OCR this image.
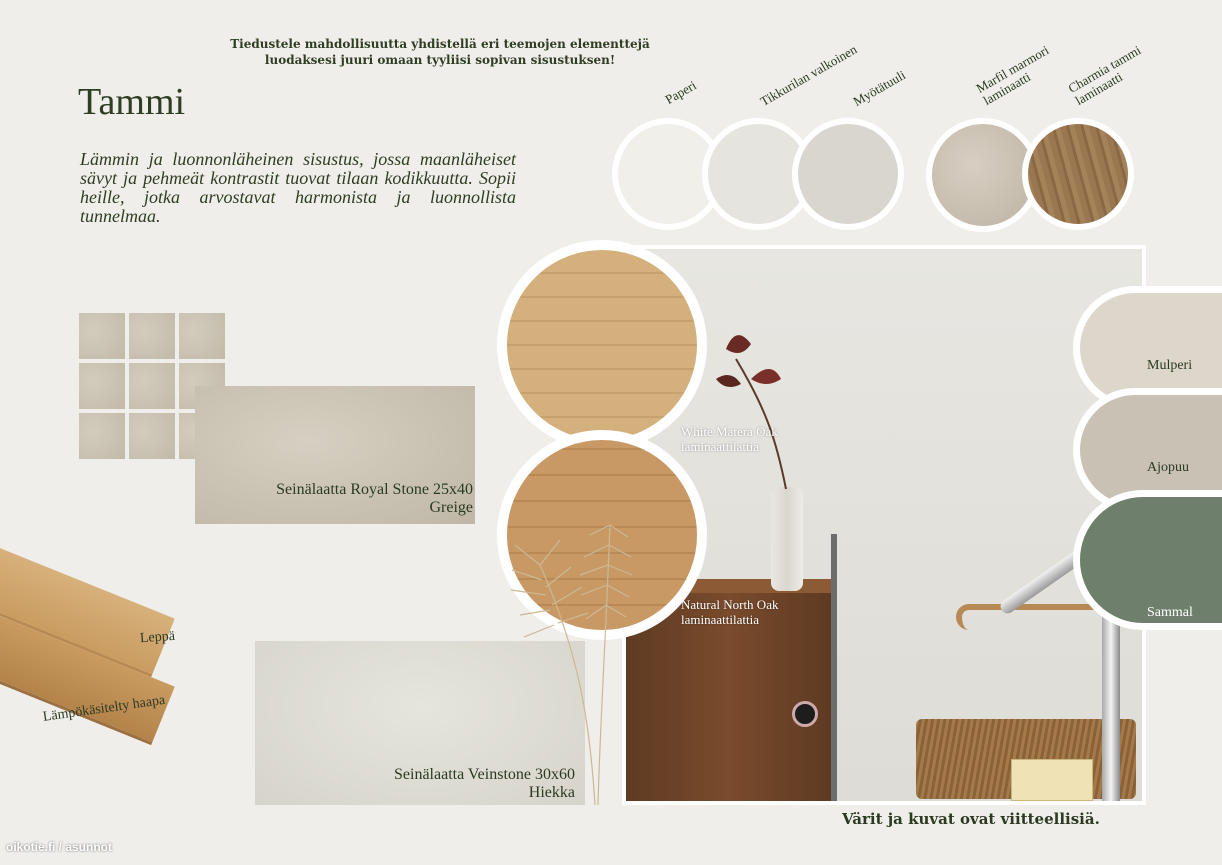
Tiedustele mahdollisuutta yhdistellä eri teemojen elementtejä luodaksesi juuri omaan tyyliisi sopivan sisustuksen!
Tammi
Lämmin ja luonnonläheinen sisustus, jossa maanläheiset sävyt ja pehmeät kontrastit tuovat tilaan kodikkuutta. Sopii heille, jotka arvostavat harmonista ja luonnollista tunnelmaa.
Paperi	Tikkurilan valkoinen
Myötätuuli	Marfil marmori laminaatti	Charmia tammi laminaatti
Seinälaatta Royal Stone 25x40
Greige
Seinälaatta Veinstone 30x60
Hiekka
Leppä
Lämpökäsitelty haapa
White Matera Oak
laminaattilattia
Natural North Oak
laminaattilattia
Mulperi
Ajopuu
Sammal
Värit ja kuvat ovat viitteellisiä.
oikotie.fi / asunnot
